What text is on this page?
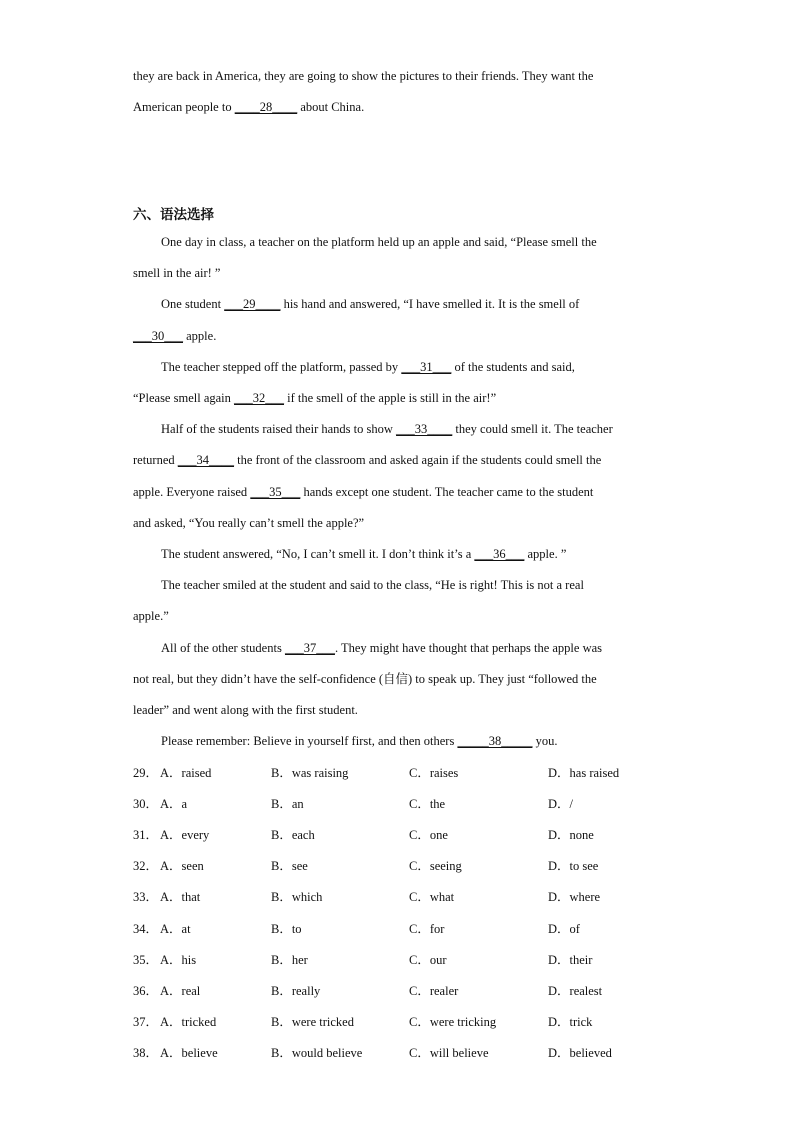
they are back in America, they are going to show the pictures to their friends. They want the
American people to ____28____ about China.
六、语法选择
One day in class, a teacher on the platform held up an apple and said, “Please smell the
smell in the air! ”
One student ___29____ his hand and answered, “I have smelled it. It is the smell of
___30___ apple.
The teacher stepped off the platform, passed by ___31___ of the students and said,
“Please smell again ___32___ if the smell of the apple is still in the air!”
Half of the students raised their hands to show ___33____ they could smell it. The teacher
returned ___34____ the front of the classroom and asked again if the students could smell the
apple. Everyone raised ___35___ hands except one student. The teacher came to the student
and asked, “You really can’t smell the apple?”
The student answered, “No, I can’t smell it. I don’t think it’s a ___36___ apple. ”
The teacher smiled at the student and said to the class, “He is right! This is not a real
apple.”
All of the other students ___37___. They might have thought that perhaps the apple was
not real, but they didn’t have the self-confidence (自信) to speak up. They just “followed the
leader” and went along with the first student.
Please remember: Believe in yourself first, and then others _____38_____ you.
29． A．raised	B．was raising	C．raises	D．has raised
30． A．a	B．an	C．the	D．/
31． A．every	B．each	C．one	D．none
32． A．seen	B．see	C．seeing	D．to see
33． A．that	B．which	C．what	D．where
34． A．at	B．to	C．for	D．of
35． A．his	B．her	C．our	D．their
36． A．real	B．really	C．realer	D．realest
37． A．tricked	B．were tricked	C．were tricking	D．trick
38． A．believe	B．would believe	C．will believe	D．believed
